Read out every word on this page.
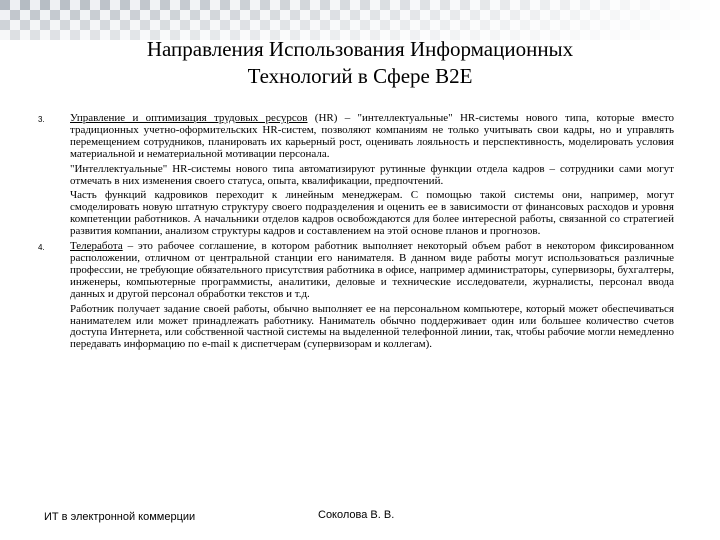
Направления Использования Информационных
Технологий в Сфере B2E
3. Управление и оптимизация трудовых ресурсов (HR) – "интеллектуальные" HR-системы нового типа, которые вместо традиционных учетно-оформительских HR-систем, позволяют компаниям не только учитывать свои кадры, но и управлять перемещением сотрудников, планировать их карьерный рост, оценивать лояльность и перспективность, моделировать условия материальной и нематериальной мотивации персонала.

"Интеллектуальные" HR-системы нового типа автоматизируют рутинные функции отдела кадров – сотрудники сами могут отмечать в них изменения своего статуса, опыта, квалификации, предпочтений.

Часть функций кадровиков переходит к линейным менеджерам. С помощью такой системы они, например, могут смоделировать новую штатную структуру своего подразделения и оценить ее в зависимости от финансовых расходов и уровня компетенции работников. А начальники отделов кадров освобождаются для более интересной работы, связанной со стратегией развития компании, анализом структуры кадров и составлением на этой основе планов и прогнозов.

4. Телеработа – это рабочее соглашение, в котором работник выполняет некоторый объем работ в некотором фиксированном расположении, отличном от центральной станции его нанимателя. В данном виде работы могут использоваться различные профессии, не требующие обязательного присутствия работника в офисе, например администраторы, супервизоры, бухгалтеры, инженеры, компьютерные программисты, аналитики, деловые и технические исследователи, журналисты, персонал ввода данных и другой персонал обработки текстов и т.д.

Работник получает задание своей работы, обычно выполняет ее на персональном компьютере, который может обеспечиваться нанимателем или может принадлежать работнику. Наниматель обычно поддерживает один или большее количество счетов доступа Интернета, или собственной частной системы на выделенной телефонной линии, так, чтобы рабочие могли немедленно передавать информацию по e-mail к диспетчерам (супервизорам и коллегам).

ИТ в электронной коммерции	Соколова В. В.
